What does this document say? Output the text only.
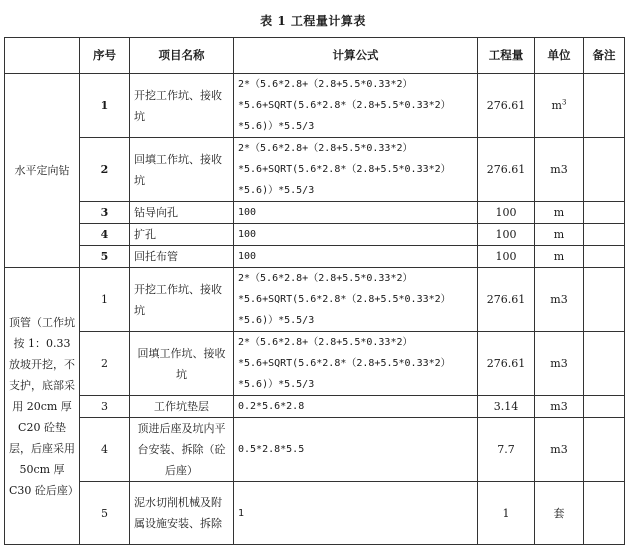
表 1 工程量计算表
	序号	项目名称	计算公式	工程量	单位	备注
水平定向钻	1	开挖工作坑、接收坑	2*（5.6*2.8+（2.8+5.5*0.33*2）
*5.6+SQRT(5.6*2.8*（2.8+5.5*0.33*2）
*5.6)）*5.5/3	276.61	$m^3$	
	2	回填工作坑、接收坑	2*（5.6*2.8+（2.8+5.5*0.33*2）
*5.6+SQRT(5.6*2.8*（2.8+5.5*0.33*2）
*5.6)）*5.5/3	276.61	m3	
	3	钻导向孔	100	100	m	
	4	扩孔	100	100	m	
	5	回托布管	100	100	m	
顶管（工作坑按 1：0.33 放坡开挖，不支护，底部采用 20cm 厚 C20 砼垫层，后座采用 50cm 厚 C30 砼后座）	1	开挖工作坑、接收坑	2*（5.6*2.8+（2.8+5.5*0.33*2）
*5.6+SQRT(5.6*2.8*（2.8+5.5*0.33*2）
*5.6)）*5.5/3	276.61	m3	
	2	回填工作坑、接收坑	2*（5.6*2.8+（2.8+5.5*0.33*2）
*5.6+SQRT(5.6*2.8*（2.8+5.5*0.33*2）
*5.6)）*5.5/3	276.61	m3	
	3	工作坑垫层	0.2*5.6*2.8	3.14	m3	
	4	顶进后座及坑内平台安装、拆除（砼后座）	0.5*2.8*5.5	7.7	m3	
	5	泥水切削机械及附属设施安装、拆除	1	1	套	
